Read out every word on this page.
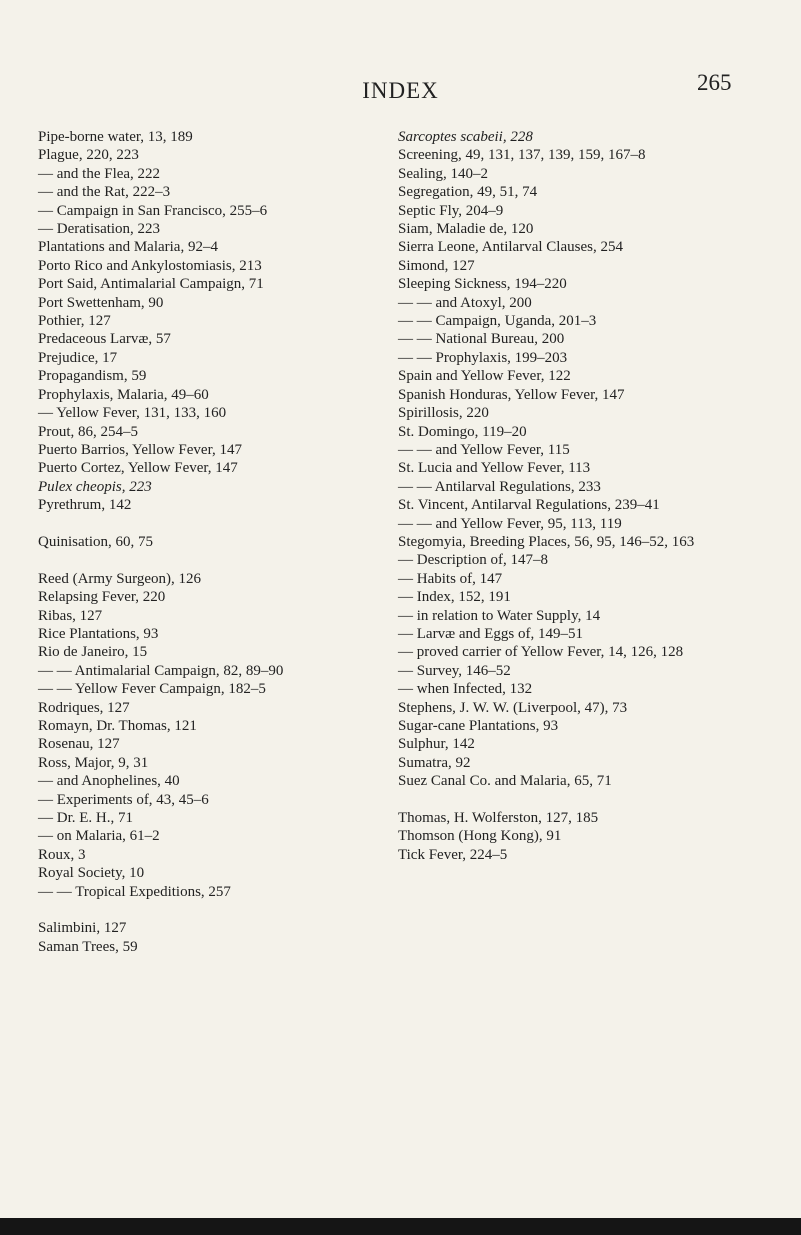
INDEX	265
Pipe-borne water, 13, 189
Plague, 220, 223
— and the Flea, 222
— and the Rat, 222–3
— Campaign in San Francisco, 255–6
— Deratisation, 223
Plantations and Malaria, 92–4
Porto Rico and Ankylostomiasis, 213
Port Said, Antimalarial Campaign, 71
Port Swettenham, 90
Pothier, 127
Predaceous Larvæ, 57
Prejudice, 17
Propagandism, 59
Prophylaxis, Malaria, 49–60
— Yellow Fever, 131, 133, 160
Prout, 86, 254–5
Puerto Barrios, Yellow Fever, 147
Puerto Cortez, Yellow Fever, 147
Pulex cheopis, 223
Pyrethrum, 142
Quinisation, 60, 75
Reed (Army Surgeon), 126
Relapsing Fever, 220
Ribas, 127
Rice Plantations, 93
Rio de Janeiro, 15
— — Antimalarial Campaign, 82, 89–90
— — Yellow Fever Campaign, 182–5
Rodriques, 127
Romayn, Dr. Thomas, 121
Rosenau, 127
Ross, Major, 9, 31
— and Anophelines, 40
— Experiments of, 43, 45–6
— Dr. E. H., 71
— on Malaria, 61–2
Roux, 3
Royal Society, 10
— — Tropical Expeditions, 257
Salimbini, 127
Saman Trees, 59
Sarcoptes scabeii, 228
Screening, 49, 131, 137, 139, 159, 167–8
Sealing, 140–2
Segregation, 49, 51, 74
Septic Fly, 204–9
Siam, Maladie de, 120
Sierra Leone, Antilarval Clauses, 254
Simond, 127
Sleeping Sickness, 194–220
— — and Atoxyl, 200
— — Campaign, Uganda, 201–3
— — National Bureau, 200
— — Prophylaxis, 199–203
Spain and Yellow Fever, 122
Spanish Honduras, Yellow Fever, 147
Spirillosis, 220
St. Domingo, 119–20
— — and Yellow Fever, 115
St. Lucia and Yellow Fever, 113
— — Antilarval Regulations, 233
St. Vincent, Antilarval Regulations, 239–41
— — and Yellow Fever, 95, 113, 119
Stegomyia, Breeding Places, 56, 95, 146–52, 163
— Description of, 147–8
— Habits of, 147
— Index, 152, 191
— in relation to Water Supply, 14
— Larvæ and Eggs of, 149–51
— proved carrier of Yellow Fever, 14, 126, 128
— Survey, 146–52
— when Infected, 132
Stephens, J. W. W. (Liverpool, 47), 73
Sugar-cane Plantations, 93
Sulphur, 142
Sumatra, 92
Suez Canal Co. and Malaria, 65, 71
Thomas, H. Wolferston, 127, 185
Thomson (Hong Kong), 91
Tick Fever, 224–5
